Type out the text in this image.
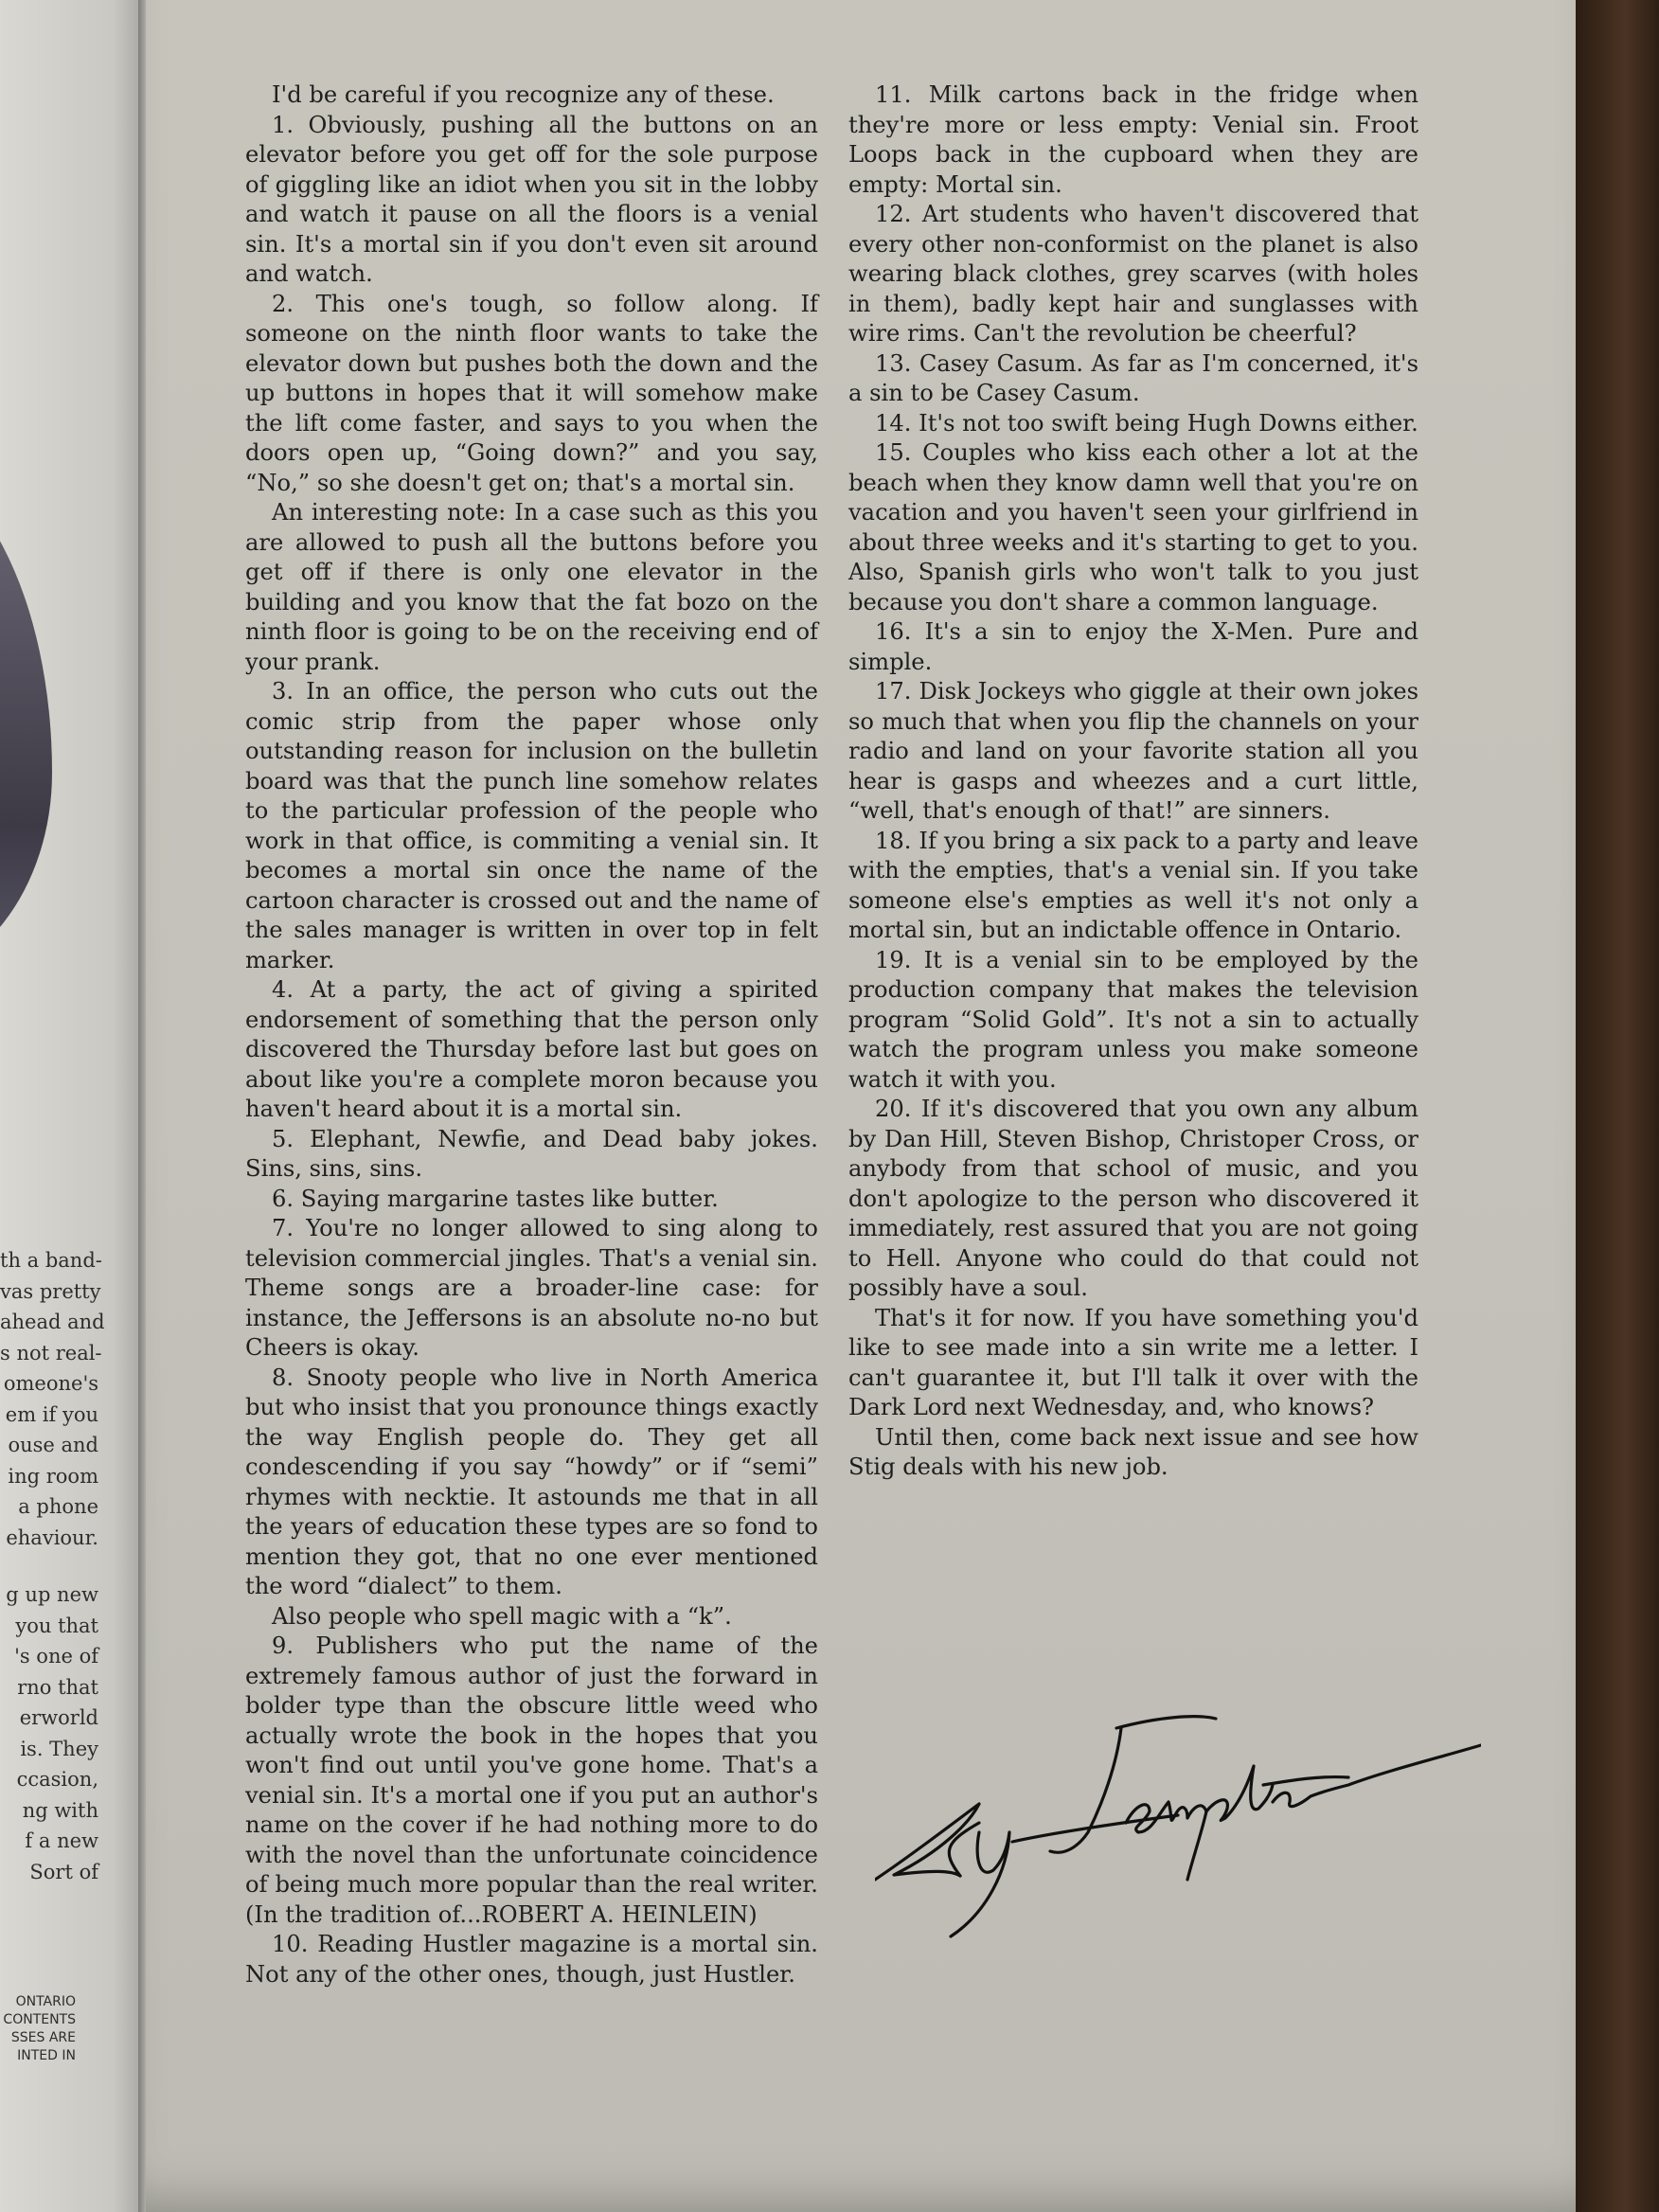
th a band-
vas pretty
ahead and
s not real-
omeone's
em if you
ouse and
ing room
a phone
ehaviour.
g up new
you that
's one of
rno that
erworld
is. They
ccasion,
ng with
f a new
Sort of
ONTARIO
CONTENTS
SSES ARE
INTED IN

I'd be careful if you recognize any of these.

1. Obviously, pushing all the buttons on an elevator before you get off for the sole purpose of giggling like an idiot when you sit in the lobby and watch it pause on all the floors is a venial sin. It's a mortal sin if you don't even sit around and watch.

2. This one's tough, so follow along. If someone on the ninth floor wants to take the elevator down but pushes both the down and the up buttons in hopes that it will somehow make the lift come faster, and says to you when the doors open up, “Going down?” and you say, “No,” so she doesn't get on; that's a mortal sin.

An interesting note: In a case such as this you are allowed to push all the buttons before you get off if there is only one elevator in the building and you know that the fat bozo on the ninth floor is going to be on the receiving end of your prank.

3. In an office, the person who cuts out the comic strip from the paper whose only outstanding reason for inclusion on the bulletin board was that the punch line somehow relates to the particular profession of the people who work in that office, is commiting a venial sin. It becomes a mortal sin once the name of the cartoon character is crossed out and the name of the sales manager is written in over top in felt marker.

4. At a party, the act of giving a spirited endorsement of something that the person only discovered the Thursday before last but goes on about like you're a complete moron because you haven't heard about it is a mortal sin.

5. Elephant, Newfie, and Dead baby jokes. Sins, sins, sins.

6. Saying margarine tastes like butter.

7. You're no longer allowed to sing along to television commercial jingles. That's a venial sin. Theme songs are a broader-line case: for instance, the Jeffersons is an absolute no-no but Cheers is okay.

8. Snooty people who live in North America but who insist that you pronounce things exactly the way English people do. They get all condescending if you say “howdy” or if “semi” rhymes with necktie. It astounds me that in all the years of education these types are so fond to mention they got, that no one ever mentioned the word “dialect” to them.

Also people who spell magic with a “k”.

9. Publishers who put the name of the extremely famous author of just the forward in bolder type than the obscure little weed who actually wrote the book in the hopes that you won't find out until you've gone home. That's a venial sin. It's a mortal one if you put an author's name on the cover if he had nothing more to do with the novel than the unfortunate coincidence of being much more popular than the real writer. (In the tradition of...ROBERT A. HEINLEIN)

10. Reading Hustler magazine is a mortal sin. Not any of the other ones, though, just Hustler.

11. Milk cartons back in the fridge when they're more or less empty: Venial sin. Froot Loops back in the cupboard when they are empty: Mortal sin.

12. Art students who haven't discovered that every other non-conformist on the planet is also wearing black clothes, grey scarves (with holes in them), badly kept hair and sunglasses with wire rims. Can't the revolution be cheerful?

13. Casey Casum. As far as I'm concerned, it's a sin to be Casey Casum.

14. It's not too swift being Hugh Downs either.

15. Couples who kiss each other a lot at the beach when they know damn well that you're on vacation and you haven't seen your girlfriend in about three weeks and it's starting to get to you. Also, Spanish girls who won't talk to you just because you don't share a common language.

16. It's a sin to enjoy the X-Men. Pure and simple.

17. Disk Jockeys who giggle at their own jokes so much that when you flip the channels on your radio and land on your favorite station all you hear is gasps and wheezes and a curt little, “well, that's enough of that!” are sinners.

18. If you bring a six pack to a party and leave with the empties, that's a venial sin. If you take someone else's empties as well it's not only a mortal sin, but an indictable offence in Ontario.

19. It is a venial sin to be employed by the production company that makes the television program “Solid Gold”. It's not a sin to actually watch the program unless you make someone watch it with you.

20. If it's discovered that you own any album by Dan Hill, Steven Bishop, Christoper Cross, or anybody from that school of music, and you don't apologize to the person who discovered it immediately, rest assured that you are not going to Hell. Anyone who could do that could not possibly have a soul.

That's it for now. If you have something you'd like to see made into a sin write me a letter. I can't guarantee it, but I'll talk it over with the Dark Lord next Wednesday, and, who knows?

Until then, come back next issue and see how Stig deals with his new job.
